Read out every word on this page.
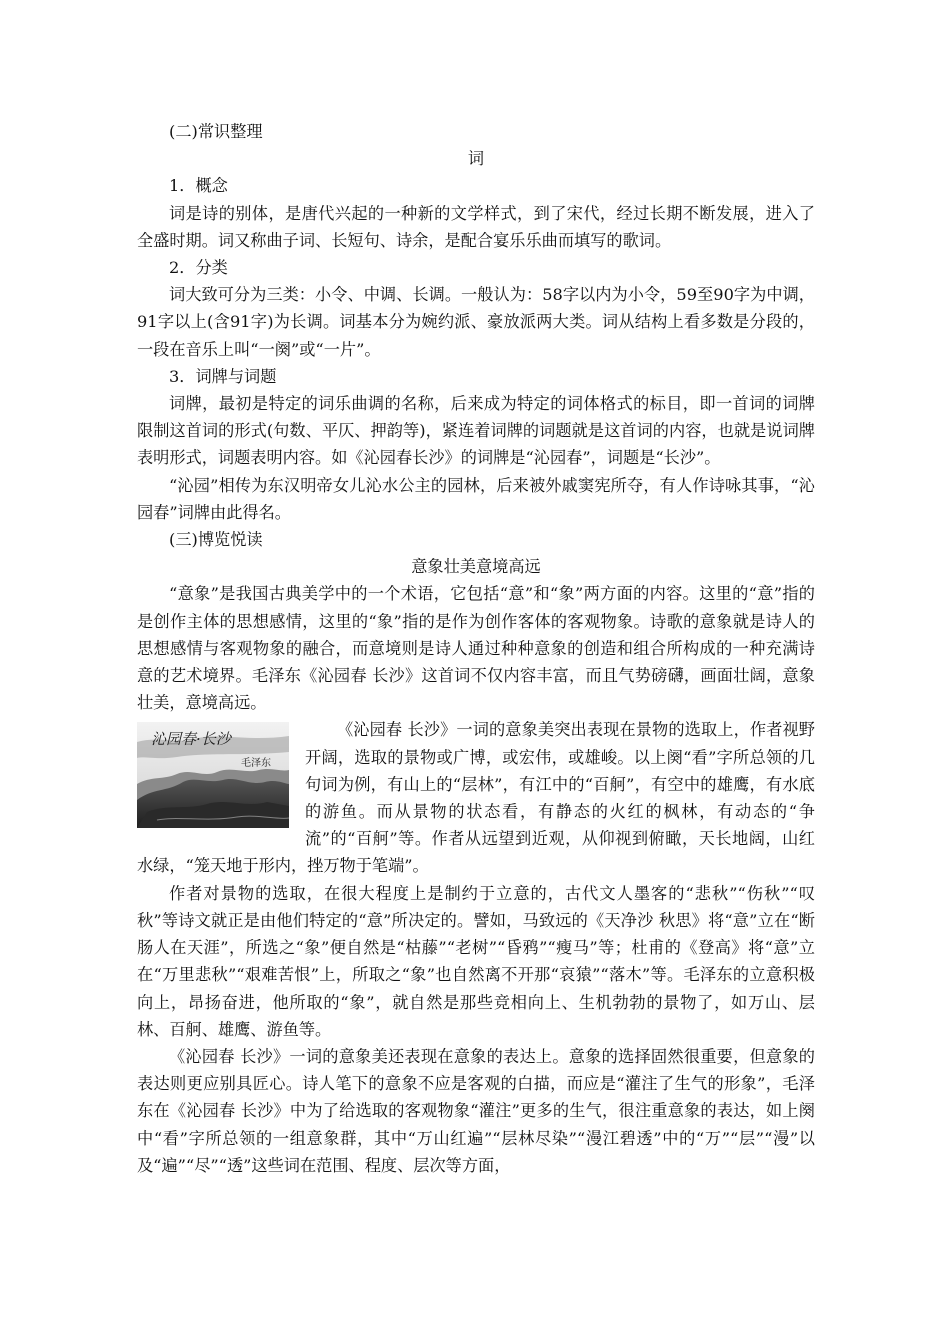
(二)常识整理

词

1．概念

词是诗的别体，是唐代兴起的一种新的文学样式，到了宋代，经过长期不断发展，进入了全盛时期。词又称曲子词、长短句、诗余，是配合宴乐乐曲而填写的歌词。

2．分类

词大致可分为三类：小令、中调、长调。一般认为：58字以内为小令，59至90字为中调，91字以上(含91字)为长调。词基本分为婉约派、豪放派两大类。词从结构上看多数是分段的，一段在音乐上叫“一阕”或“一片”。

3．词牌与词题

词牌，最初是特定的词乐曲调的名称，后来成为特定的词体格式的标目，即一首词的词牌限制这首词的形式(句数、平仄、押韵等)，紧连着词牌的词题就是这首词的内容，也就是说词牌表明形式，词题表明内容。如《沁园春长沙》的词牌是“沁园春”，词题是“长沙”。

“沁园”相传为东汉明帝女儿沁水公主的园林，后来被外戚窦宪所夺，有人作诗咏其事，“沁园春”词牌由此得名。

(三)博览悦读

意象壮美意境高远

“意象”是我国古典美学中的一个术语，它包括“意”和“象”两方面的内容。这里的“意”指的是创作主体的思想感情，这里的“象”指的是作为创作客体的客观物象。诗歌的意象就是诗人的思想感情与客观物象的融合，而意境则是诗人通过种种意象的创造和组合所构成的一种充满诗意的艺术境界。毛泽东《沁园春 长沙》这首词不仅内容丰富，而且气势磅礴，画面壮阔，意象壮美，意境高远。

沁园春·长沙
毛泽东

《沁园春 长沙》一词的意象美突出表现在景物的选取上，作者视野开阔，选取的景物或广博，或宏伟，或雄峻。以上阕“看”字所总领的几句词为例，有山上的“层林”，有江中的“百舸”，有空中的雄鹰，有水底的游鱼。而从景物的状态看，有静态的火红的枫林，有动态的“争流”的“百舸”等。作者从远望到近观，从仰视到俯瞰，天长地阔，山红水绿，“笼天地于形内，挫万物于笔端”。

作者对景物的选取，在很大程度上是制约于立意的，古代文人墨客的“悲秋”“伤秋”“叹秋”等诗文就正是由他们特定的“意”所决定的。譬如，马致远的《天净沙 秋思》将“意”立在“断肠人在天涯”，所选之“象”便自然是“枯藤”“老树”“昏鸦”“瘦马”等；杜甫的《登高》将“意”立在“万里悲秋”“艰难苦恨”上，所取之“象”也自然离不开那“哀猿”“落木”等。毛泽东的立意积极向上，昂扬奋进，他所取的“象”，就自然是那些竞相向上、生机勃勃的景物了，如万山、层林、百舸、雄鹰、游鱼等。

《沁园春 长沙》一词的意象美还表现在意象的表达上。意象的选择固然很重要，但意象的表达则更应别具匠心。诗人笔下的意象不应是客观的白描，而应是“灌注了生气的形象”，毛泽东在《沁园春 长沙》中为了给选取的客观物象“灌注”更多的生气，很注重意象的表达，如上阕中“看”字所总领的一组意象群，其中“万山红遍”“层林尽染”“漫江碧透”中的“万”“层”“漫”以及“遍”“尽”“透”这些词在范围、程度、层次等方面，
